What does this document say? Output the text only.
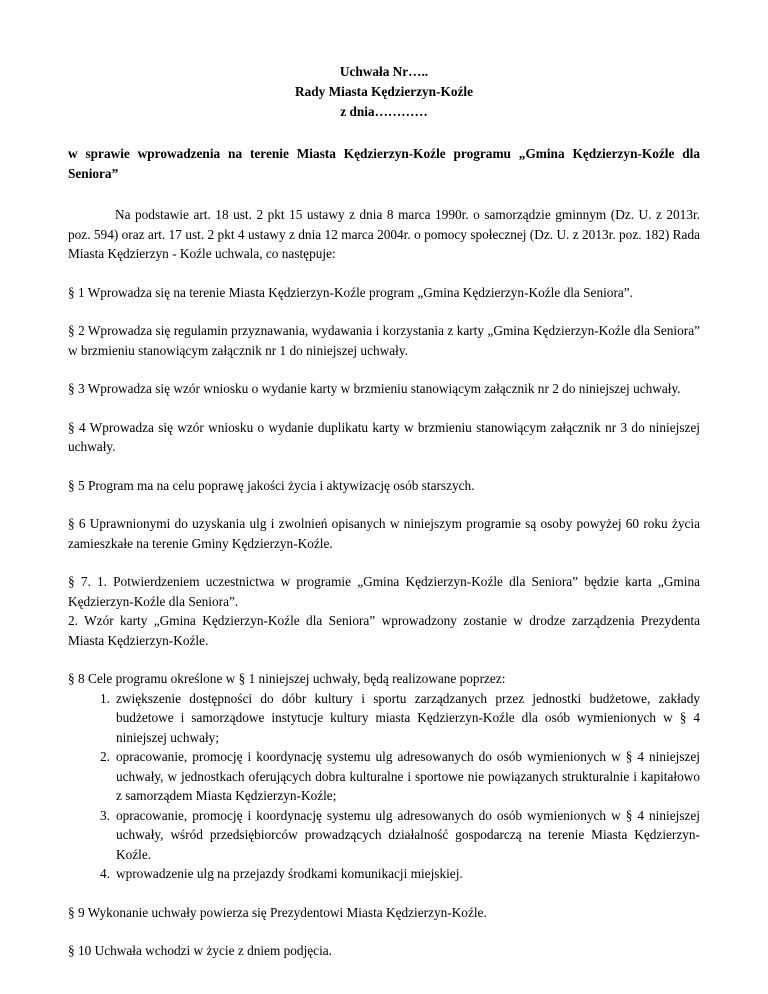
Uchwała Nr…..
Rady Miasta Kędzierzyn-Koźle
z dnia…………

w sprawie wprowadzenia na terenie Miasta Kędzierzyn-Koźle programu „Gmina Kędzierzyn-Koźle dla Seniora”

Na podstawie art. 18 ust. 2 pkt 15 ustawy z dnia 8 marca 1990r. o samorządzie gminnym (Dz. U. z 2013r. poz. 594) oraz art. 17 ust. 2 pkt 4 ustawy z dnia 12 marca 2004r. o pomocy społecznej (Dz. U. z 2013r. poz. 182) Rada Miasta Kędzierzyn - Koźle uchwala, co następuje:

§ 1 Wprowadza się na terenie Miasta Kędzierzyn-Koźle program „Gmina Kędzierzyn-Koźle dla Seniora”.

§ 2 Wprowadza się regulamin przyznawania, wydawania i korzystania z karty „Gmina Kędzierzyn-Koźle dla Seniora” w brzmieniu stanowiącym załącznik nr 1 do niniejszej uchwały.

§ 3 Wprowadza się wzór wniosku o wydanie karty w brzmieniu stanowiącym załącznik nr 2 do niniejszej uchwały.

§ 4 Wprowadza się wzór wniosku o wydanie duplikatu karty w brzmieniu stanowiącym załącznik nr 3 do niniejszej uchwały.

§ 5 Program ma na celu poprawę jakości życia i aktywizację osób starszych.

§ 6 Uprawnionymi do uzyskania ulg i zwolnień opisanych w niniejszym programie są osoby powyżej 60 roku życia zamieszkałe na terenie Gminy Kędzierzyn-Koźle.

§ 7. 1. Potwierdzeniem uczestnictwa w programie „Gmina Kędzierzyn-Koźle dla Seniora” będzie karta „Gmina Kędzierzyn-Koźle dla Seniora”.

2. Wzór karty „Gmina Kędzierzyn-Koźle dla Seniora” wprowadzony zostanie w drodze zarządzenia Prezydenta Miasta Kędzierzyn-Koźle.

§ 8 Cele programu określone w § 1 niniejszej uchwały, będą realizowane poprzez:

1. zwiększenie dostępności do dóbr kultury i sportu zarządzanych przez jednostki budżetowe, zakłady budżetowe i samorządowe instytucje kultury miasta Kędzierzyn-Koźle dla osób wymienionych w § 4 niniejszej uchwały;
2. opracowanie, promocję i koordynację systemu ulg adresowanych do osób wymienionych w § 4 niniejszej uchwały, w jednostkach oferujących dobra kulturalne i sportowe nie powiązanych strukturalnie i kapitałowo z samorządem Miasta Kędzierzyn-Koźle;
3. opracowanie, promocję i koordynację systemu ulg adresowanych do osób wymienionych w § 4 niniejszej uchwały, wśród przedsiębiorców prowadzących działalność gospodarczą na terenie Miasta Kędzierzyn-Koźle.
4. wprowadzenie ulg na przejazdy środkami komunikacji miejskiej.

§ 9 Wykonanie uchwały powierza się Prezydentowi Miasta Kędzierzyn-Koźle.

§ 10 Uchwała wchodzi w życie z dniem podjęcia.
